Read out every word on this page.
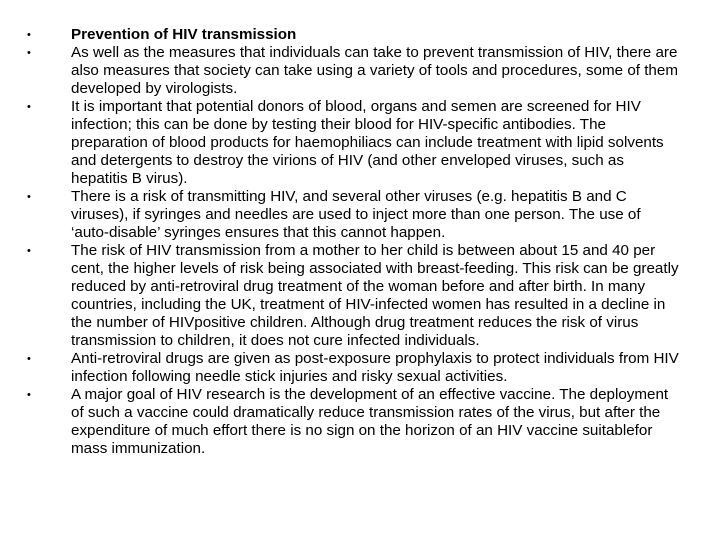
•	Prevention of HIV transmission
•	As well as the measures that individuals can take to prevent transmission of HIV, there are also measures that society can take using a variety of tools and procedures, some of them developed by virologists.
•	It is important that potential donors of blood, organs and semen are screened for HIV infection; this can be done by testing their blood for HIV-specific antibodies. The preparation of blood products for haemophiliacs can include treatment with lipid solvents and detergents to destroy the virions of HIV (and other enveloped viruses, such as hepatitis B virus).
•	There is a risk of transmitting HIV, and several other viruses (e.g. hepatitis B and C viruses), if syringes and needles are used to inject more than one person. The use of ‘auto-disable’ syringes ensures that this cannot happen.
•	The risk of HIV transmission from a mother to her child is between about 15 and 40 per cent, the higher levels of risk being associated with breast-feeding. This risk can be greatly reduced by anti-retroviral drug treatment of the woman before and after birth. In many countries, including the UK, treatment of HIV-infected women has resulted in a decline in the number of HIVpositive children. Although drug treatment reduces the risk of virus transmission to children, it does not cure infected individuals.
•	Anti-retroviral drugs are given as post-exposure prophylaxis to protect individuals from HIV infection following needle stick injuries and risky sexual activities.
•	A major goal of HIV research is the development of an effective vaccine. The deployment of such a vaccine could dramatically reduce transmission rates of the virus, but after the expenditure of much effort there is no sign on the horizon of an HIV vaccine suitablefor mass immunization.
